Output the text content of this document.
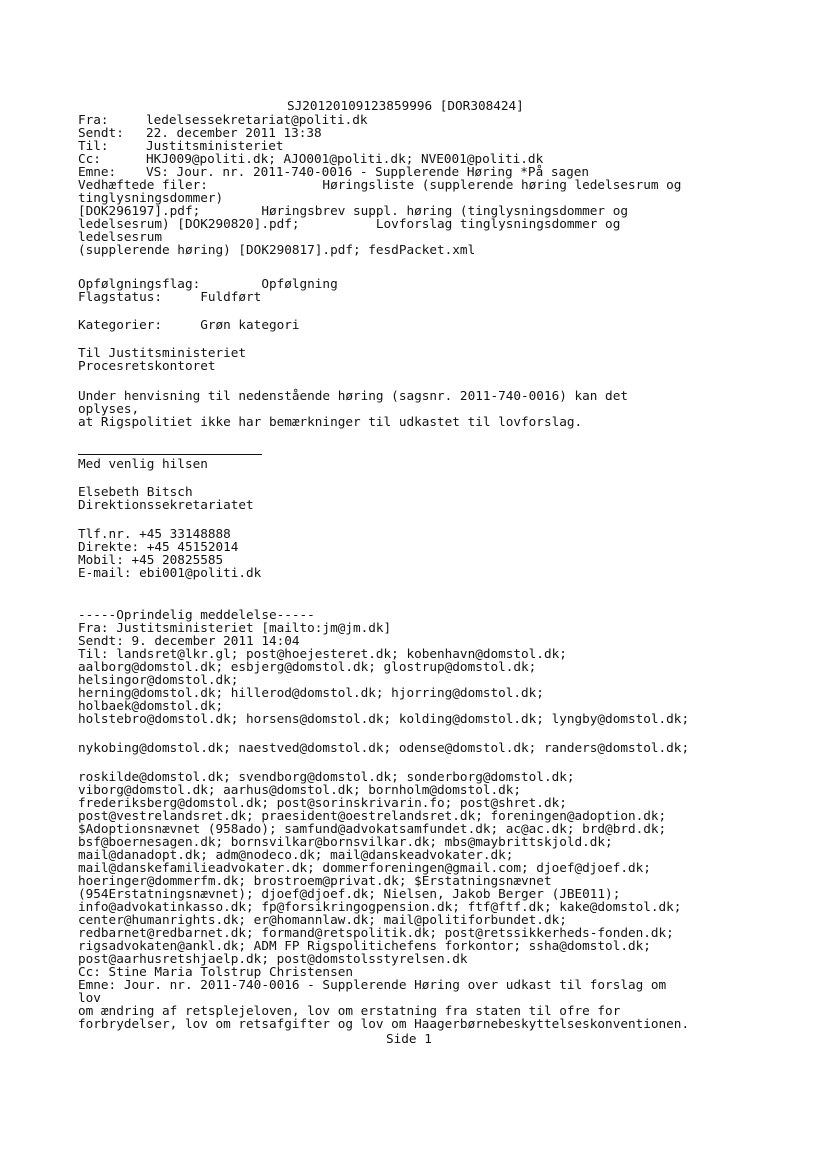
SJ20120109123859996 [DOR308424]

Fra:	ledelsessekretariat@politi.dk

Sendt: 22. december 2011 13:38

Til:	Justitsministeriet

Cc:	HKJ009@politi.dk; AJO001@politi.dk; NVE001@politi.dk

Emne: VS: Jour. nr. 2011-740-0016 - Supplerende Høring *På sagen

Vedhæftede filer:               Høringsliste (supplerende høring ledelsesrum og

tinglysningsdommer)

[DOK296197].pdf;        Høringsbrev suppl. høring (tinglysningsdommer og

ledelsesrum) [DOK290820].pdf;          Lovforslag tinglysningsdommer og

ledelsesrum

(supplerende høring) [DOK290817].pdf; fesdPacket.xml

Opfølgningsflag:        Opfølgning

Flagstatus:     Fuldført

Kategorier:     Grøn kategori

Til Justitsministeriet

Procesretskontoret

Under henvisning til nedenstående høring (sagsnr. 2011-740-0016) kan det

oplyses,

at Rigspolitiet ikke har bemærkninger til udkastet til lovforslag.

Med venlig hilsen

Elsebeth Bitsch

Direktionssekretariatet

Tlf.nr. +45 33148888

Direkte: +45 45152014

Mobil: +45 20825585

E-mail: ebi001@politi.dk

-----Oprindelig meddelelse-----

Fra: Justitsministeriet [mailto:jm@jm.dk]

Sendt: 9. december 2011 14:04

Til: landsret@lkr.gl; post@hoejesteret.dk; kobenhavn@domstol.dk;

aalborg@domstol.dk; esbjerg@domstol.dk; glostrup@domstol.dk;

helsingor@domstol.dk;

herning@domstol.dk; hillerod@domstol.dk; hjorring@domstol.dk;

holbaek@domstol.dk;

holstebro@domstol.dk; horsens@domstol.dk; kolding@domstol.dk; lyngby@domstol.dk;

nykobing@domstol.dk; naestved@domstol.dk; odense@domstol.dk; randers@domstol.dk;

roskilde@domstol.dk; svendborg@domstol.dk; sonderborg@domstol.dk;

viborg@domstol.dk; aarhus@domstol.dk; bornholm@domstol.dk;

frederiksberg@domstol.dk; post@sorinskrivarin.fo; post@shret.dk;

post@vestrelandsret.dk; praesident@oestrelandsret.dk; foreningen@adoption.dk;

$Adoptionsnævnet (958ado); samfund@advokatsamfundet.dk; ac@ac.dk; brd@brd.dk;

bsf@boernesagen.dk; bornsvilkar@bornsvilkar.dk; mbs@maybrittskjold.dk;

mail@danadopt.dk; adm@nodeco.dk; mail@danskeadvokater.dk;

mail@danskefamilieadvokater.dk; dommerforeningen@gmail.com; djoef@djoef.dk;

hoeringer@dommerfm.dk; brostroem@privat.dk; $Erstatningsnævnet

(954Erstatningsnævnet); djoef@djoef.dk; Nielsen, Jakob Berger (JBE011);

info@advokatinkasso.dk; fp@forsikringogpension.dk; ftf@ftf.dk; kake@domstol.dk;

center@humanrights.dk; er@homannlaw.dk; mail@politiforbundet.dk;

redbarnet@redbarnet.dk; formand@retspolitik.dk; post@retssikkerheds-fonden.dk;

rigsadvokaten@ankl.dk; ADM FP Rigspolitichefens forkontor; ssha@domstol.dk;

post@aarhusretshjaelp.dk; post@domstolsstyrelsen.dk

Cc: Stine Maria Tolstrup Christensen

Emne: Jour. nr. 2011-740-0016 - Supplerende Høring over udkast til forslag om

lov

om ændring af retsplejeloven, lov om erstatning fra staten til ofre for

forbrydelser, lov om retsafgifter og lov om Haagerbørnebeskyttelseskonventionen.

Side 1
